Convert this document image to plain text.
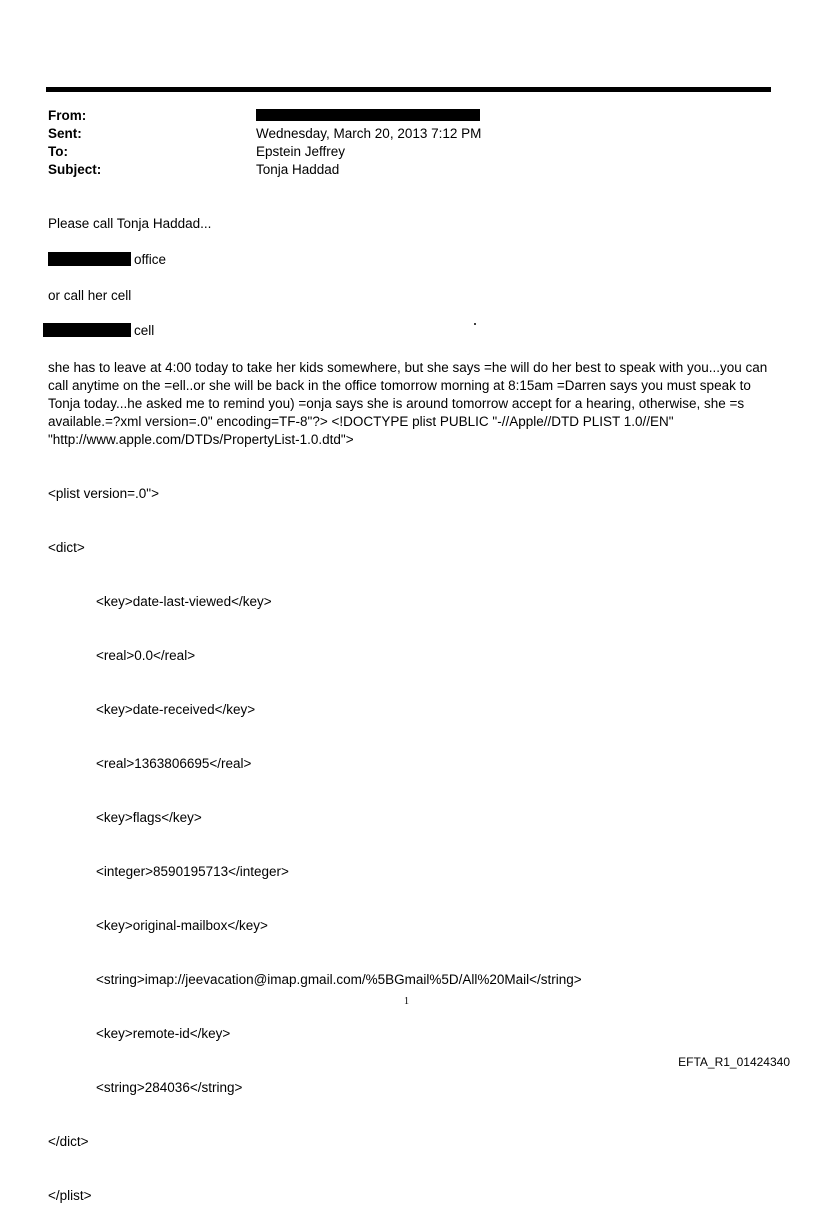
From:
Sent:	Wednesday, March 20, 2013 7:12 PM
To:	Epstein Jeffrey
Subject:	Tonja Haddad
Please call Tonja Haddad...
office
or call her cell
cell
she has to leave at 4:00 today to take her kids somewhere, but she says =he will do her best to speak with you...you can call anytime on the =ell..or she will be back in the office tomorrow morning at 8:15am =Darren says you must speak to Tonja today...he asked me to remind you) =onja says she is around tomorrow accept for a hearing, otherwise, she =s available.=?xml version=.0" encoding=TF-8"?> <!DOCTYPE plist PUBLIC "-//Apple//DTD PLIST 1.0//EN" "http://www.apple.com/DTDs/PropertyList-1.0.dtd">

<plist version=.0">

<dict>

<key>date-last-viewed</key>

<real>0.0</real>

<key>date-received</key>

<real>1363806695</real>

<key>flags</key>

<integer>8590195713</integer>

<key>original-mailbox</key>

<string>imap://jeevacation@imap.gmail.com/%5BGmail%5D/All%20Mail</string>

<key>remote-id</key>

<string>284036</string>

</dict>

</plist>

1
EFTA_R1_01424340
